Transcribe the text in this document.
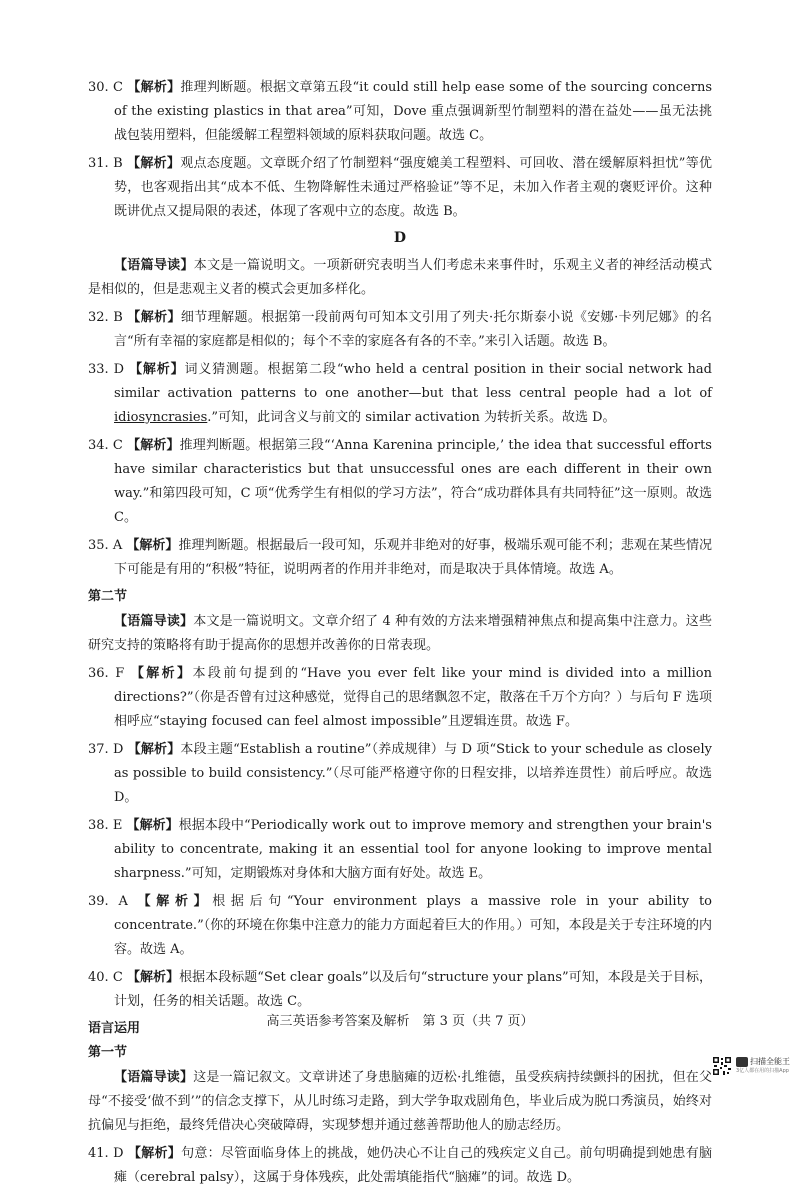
30. C 【解析】推理判断题。根据文章第五段“it could still help ease some of the sourcing concerns of the existing plastics in that area”可知，Dove 重点强调新型竹制塑料的潜在益处——虽无法挑战包装用塑料，但能缓解工程塑料领域的原料获取问题。故选 C。

31. B 【解析】观点态度题。文章既介绍了竹制塑料“强度媲美工程塑料、可回收、潜在缓解原料担忧”等优势，也客观指出其“成本不低、生物降解性未通过严格验证”等不足，未加入作者主观的褒贬评价。这种既讲优点又提局限的表述，体现了客观中立的态度。故选 B。

D

【语篇导读】本文是一篇说明文。一项新研究表明当人们考虑未来事件时，乐观主义者的神经活动模式是相似的，但是悲观主义者的模式会更加多样化。

32. B 【解析】细节理解题。根据第一段前两句可知本文引用了列夫·托尔斯泰小说《安娜·卡列尼娜》的名言“所有幸福的家庭都是相似的；每个不幸的家庭各有各的不幸。”来引入话题。故选 B。

33. D 【解析】词义猜测题。根据第二段“who held a central position in their social network had similar activation patterns to one another—but that less central people had a lot of idiosyncrasies.”可知，此词含义与前文的 similar activation 为转折关系。故选 D。

34. C 【解析】推理判断题。根据第三段“‘Anna Karenina principle,’ the idea that successful efforts have similar characteristics but that unsuccessful ones are each different in their own way.”和第四段可知，C 项“优秀学生有相似的学习方法”，符合“成功群体具有共同特征”这一原则。故选 C。

35. A 【解析】推理判断题。根据最后一段可知，乐观并非绝对的好事，极端乐观可能不利；悲观在某些情况下可能是有用的“积极”特征，说明两者的作用并非绝对，而是取决于具体情境。故选 A。

第二节

【语篇导读】本文是一篇说明文。文章介绍了 4 种有效的方法来增强精神焦点和提高集中注意力。这些研究支持的策略将有助于提高你的思想并改善你的日常表现。

36. F 【解析】本段前句提到的“Have you ever felt like your mind is divided into a million directions?”（你是否曾有过这种感觉，觉得自己的思绪飘忽不定，散落在千万个方向？）与后句 F 选项相呼应“staying focused can feel almost impossible”且逻辑连贯。故选 F。

37. D 【解析】本段主题“Establish a routine”（养成规律）与 D 项“Stick to your schedule as closely as possible to build consistency.”（尽可能严格遵守你的日程安排，以培养连贯性）前后呼应。故选 D。

38. E 【解析】根据本段中“Periodically work out to improve memory and strengthen your brain's ability to concentrate, making it an essential tool for anyone looking to improve mental sharpness.”可知，定期锻炼对身体和大脑方面有好处。故选 E。

39. A 【解析】根据后句“Your environment plays a massive role in your ability to concentrate.”（你的环境在你集中注意力的能力方面起着巨大的作用。）可知，本段是关于专注环境的内容。故选 A。

40. C 【解析】根据本段标题“Set clear goals”以及后句“structure your plans”可知，本段是关于目标，计划，任务的相关话题。故选 C。

语言运用
第一节

【语篇导读】这是一篇记叙文。文章讲述了身患脑瘫的迈松·扎维德，虽受疾病持续颤抖的困扰，但在父母“不接受‘做不到’”的信念支撑下，从儿时练习走路，到大学争取戏剧角色，毕业后成为脱口秀演员，始终对抗偏见与拒绝，最终凭借决心突破障碍，实现梦想并通过慈善帮助他人的励志经历。

41. D 【解析】句意：尽管面临身体上的挑战，她仍决心不让自己的残疾定义自己。前句明确提到她患有脑瘫（cerebral palsy），这属于身体残疾，此处需填能指代“脑瘫”的词。故选 D。

高三英语参考答案及解析　第 3 页（共 7 页）
扫描全能王
3亿人都在用的扫描App
